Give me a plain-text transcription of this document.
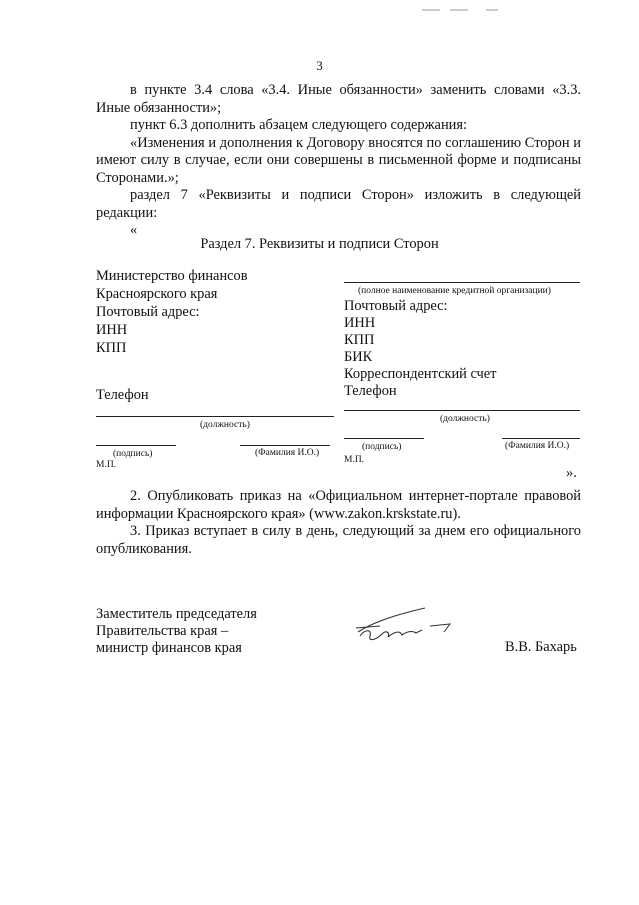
3

в пункте 3.4 слова «3.4. Иные обязанности» заменить словами «3.3. Иные обязанности»;

пункт 6.3 дополнить абзацем следующего содержания:

«Изменения и дополнения к Договору вносятся по соглашению Сторон и имеют силу в случае, если они совершены в письменной форме и подписаны Сторонами.»;

раздел 7 «Реквизиты и подписи Сторон» изложить в следующей редакции:

«

Раздел 7. Реквизиты и подписи Сторон
Министерство финансов
Красноярского края
Почтовый адрес:
ИНН
КПП
Телефон
(должность)
(подпись)	(Фамилия И.О.)
М.П.
(полное наименование кредитной организации)
Почтовый адрес:
ИНН
КПП
БИК
Корреспондентский счет
Телефон
(должность)
(подпись)	(Фамилия И.О.)
М.П.
».

2. Опубликовать приказ на «Официальном интернет-портале правовой информации Красноярского края» (www.zakon.krskstate.ru).

3. Приказ вступает в силу в день, следующий за днем его официального опубликования.

Заместитель председателя
Правительства края –
министр финансов края	В.В. Бахарь
